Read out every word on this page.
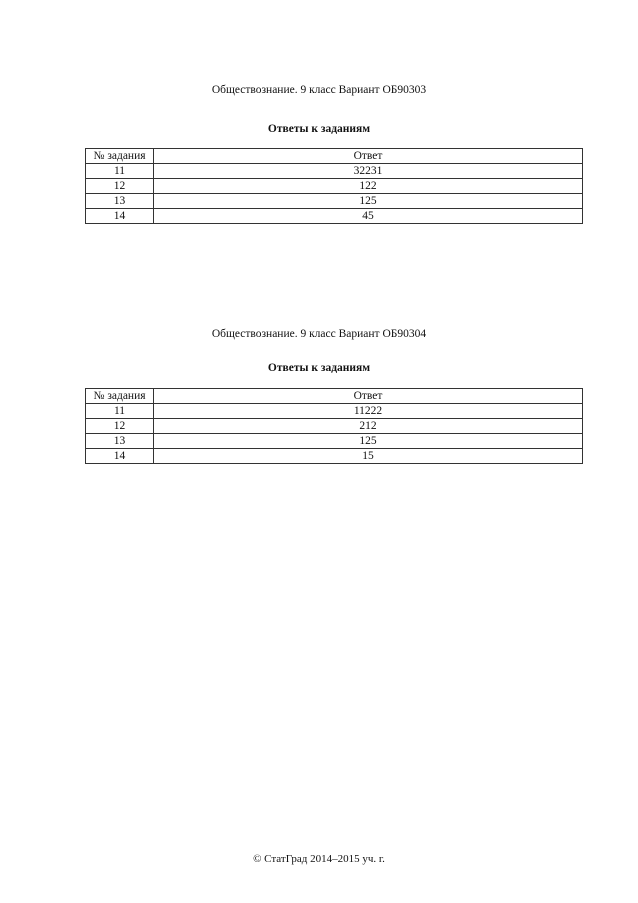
Обществознание. 9 класс Вариант ОБ90303

Ответы к заданиям

№ задания	Ответ
11	32231
12	122
13	125
14	45

Обществознание. 9 класс Вариант ОБ90304

Ответы к заданиям

№ задания	Ответ
11	11222
12	212
13	125
14	15
© СтатГрад 2014–2015 уч. г.
